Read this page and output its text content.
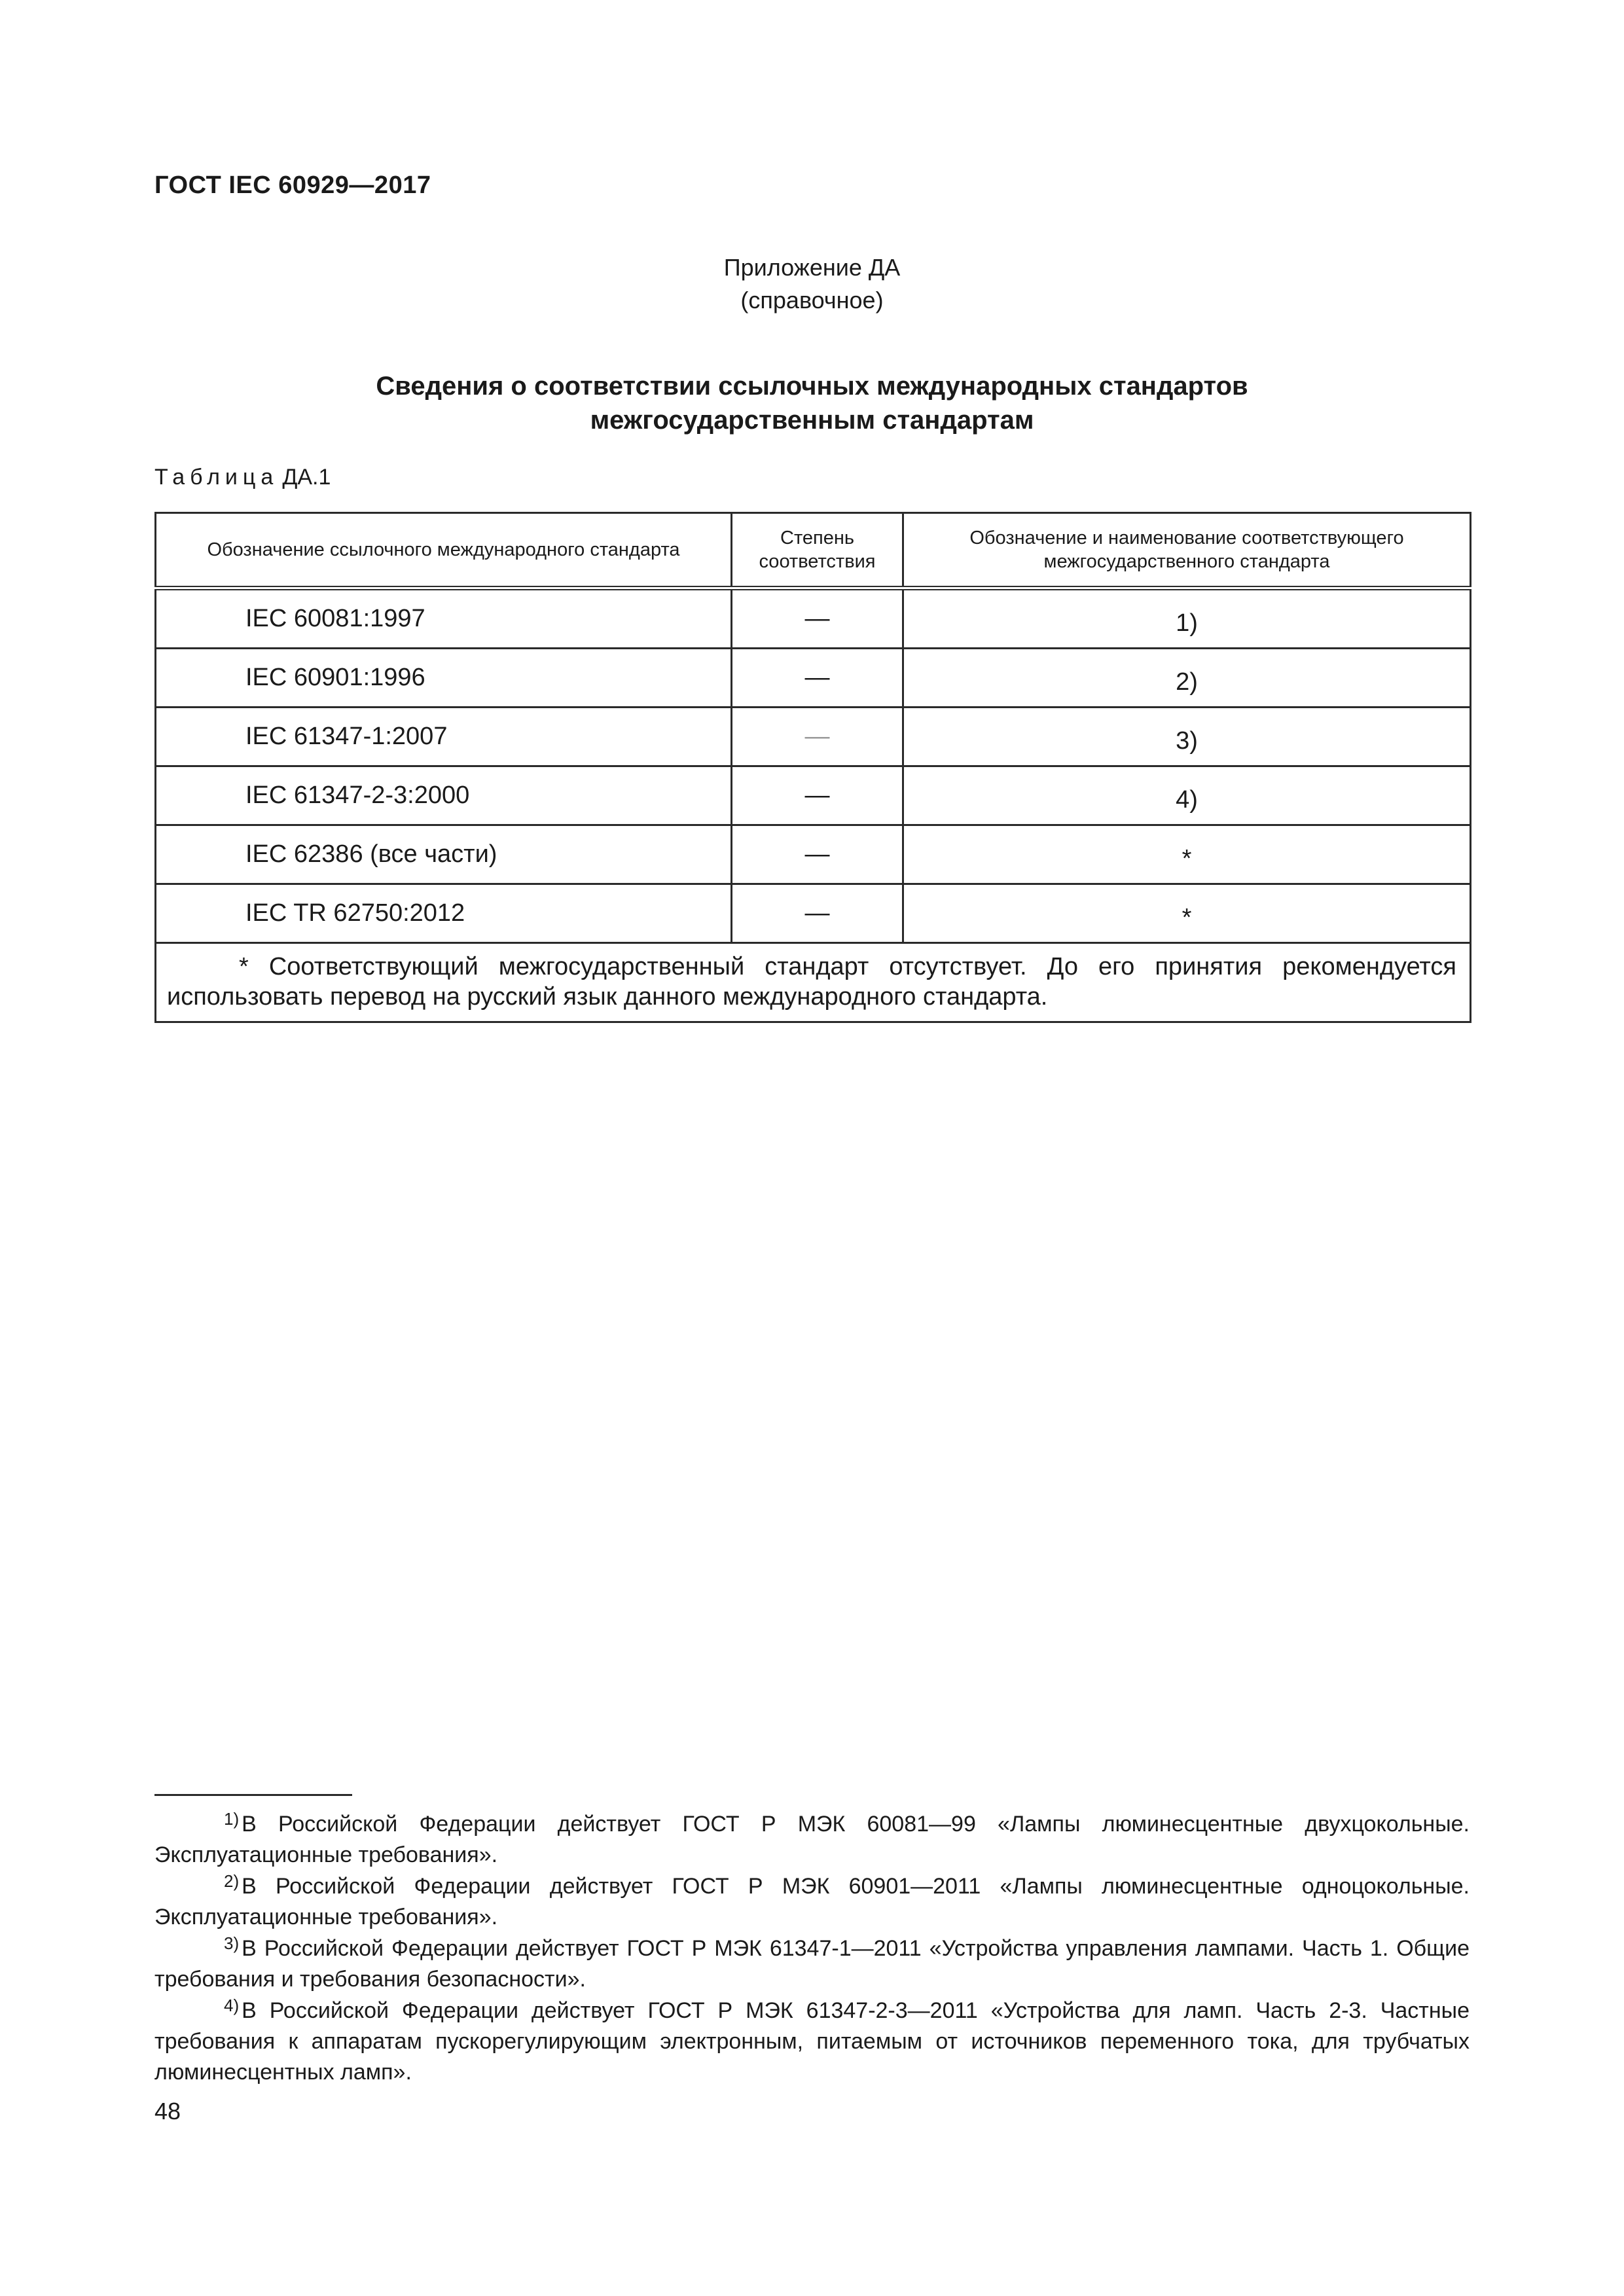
ГОСТ IEC 60929—2017
Приложение ДА
(справочное)
Сведения о соответствии ссылочных международных стандартов
межгосударственным стандартам
Таблица ДА.1
Обозначение ссылочного международного стандарта	Степень соответствия	Обозначение и наименование соответствующего межгосударственного стандарта
IEC 60081:1997	—	1)
IEC 60901:1996	—	2)
IEC 61347-1:2007	—	3)
IEC 61347-2-3:2000	—	4)
IEC 62386 (все части)	—	*
IEC TR 62750:2012	—	*
* Соответствующий межгосударственный стандарт отсутствует. До его принятия рекомендуется использовать перевод на русский язык данного международного стандарта.		
$^{1)}$ В Российской Федерации действует ГОСТ Р МЭК 60081—99 «Лампы люминесцентные двухцокольные. Эксплуатационные требования».
$^{2)}$ В Российской Федерации действует ГОСТ Р МЭК 60901—2011 «Лампы люминесцентные одноцокольные. Эксплуатационные требования».
$^{3)}$ В Российской Федерации действует ГОСТ Р МЭК 61347-1—2011 «Устройства управления лампами. Часть 1. Общие требования и требования безопасности».
$^{4)}$ В Российской Федерации действует ГОСТ Р МЭК 61347-2-3—2011 «Устройства для ламп. Часть 2-3. Частные требования к аппаратам пускорегулирующим электронным, питаемым от источников переменного тока, для трубчатых люминесцентных ламп».
48
